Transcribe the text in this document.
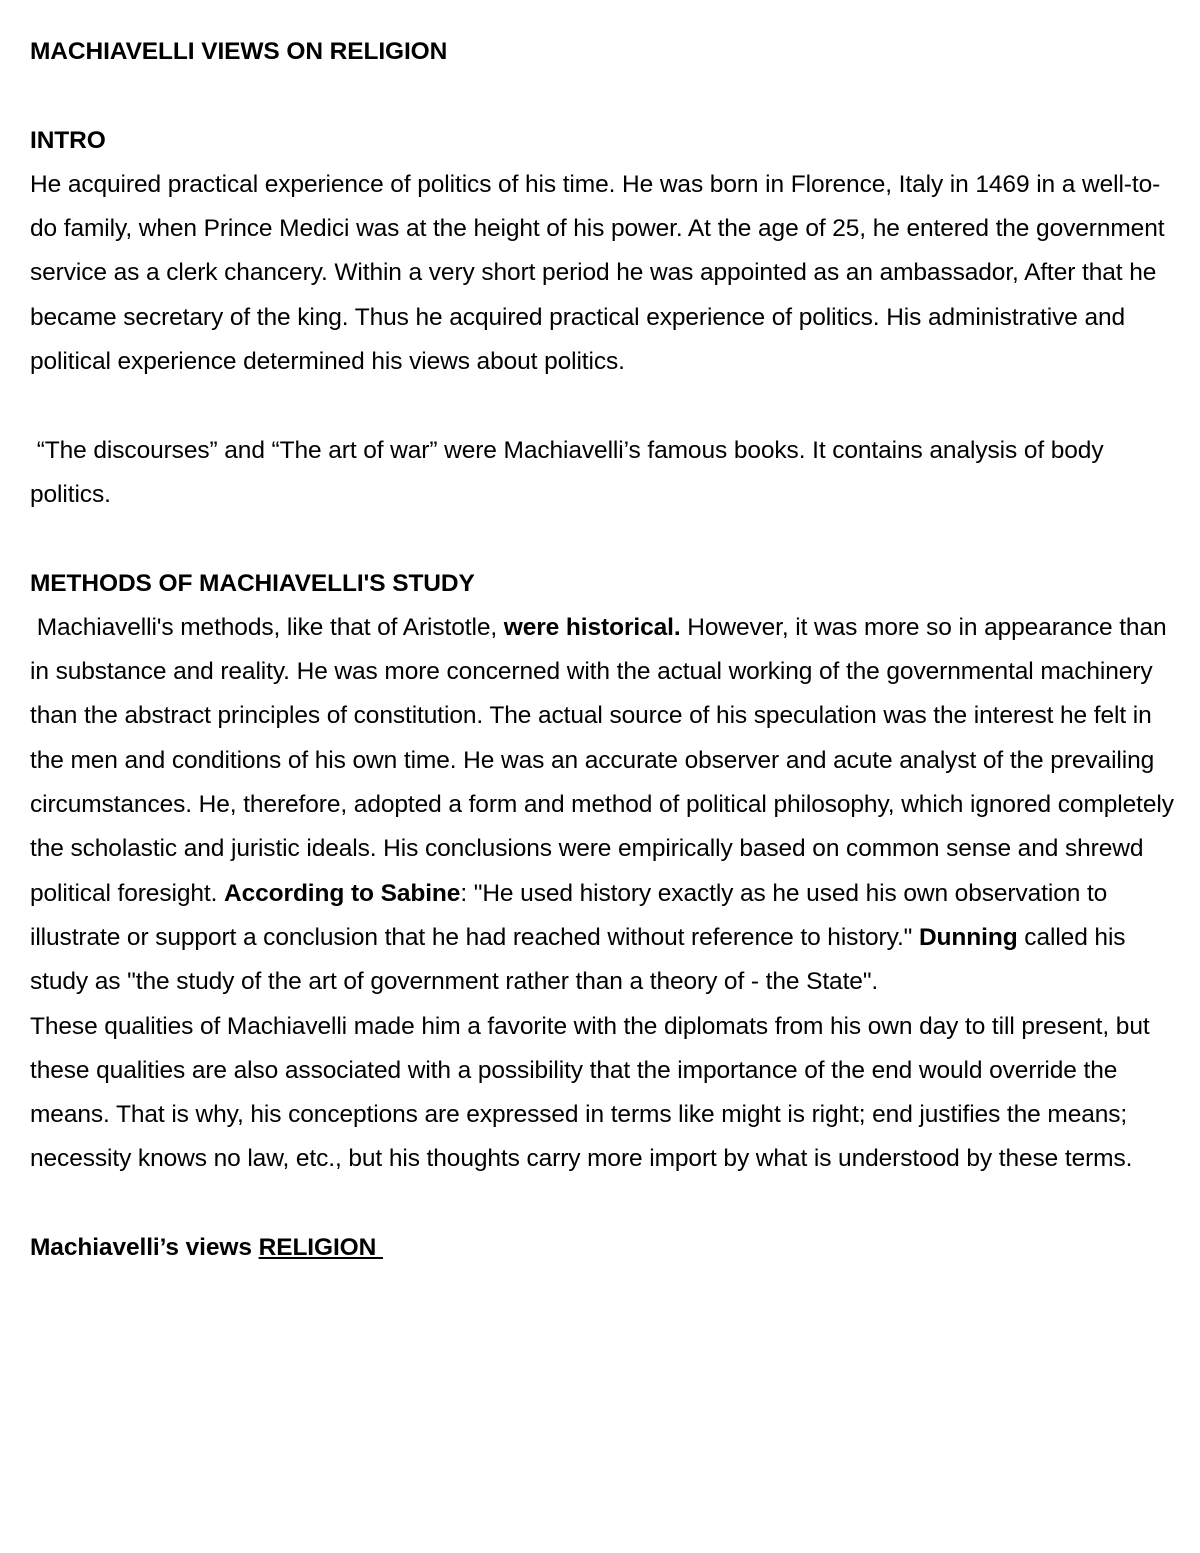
MACHIAVELLI VIEWS ON RELIGION
INTRO

He acquired practical experience of politics of his time. He was born in Florence, Italy in 1469 in a well-to-do family, when Prince Medici was at the height of his power. At the age of 25, he entered the government service as a clerk chancery. Within a very short period he was appointed as an ambassador, After that he became secretary of the king. Thus he acquired practical experience of politics. His administrative and political experience determined his views about politics.

“The discourses” and “The art of war” were Machiavelli’s famous books. It contains analysis of body politics.

METHODS OF MACHIAVELLI'S STUDY

Machiavelli's methods, like that of Aristotle, were historical. However, it was more so in appearance than in substance and reality. He was more concerned with the actual working of the governmental machinery than the abstract principles of constitution. The actual source of his speculation was the interest he felt in the men and conditions of his own time. He was an accurate observer and acute analyst of the prevailing circumstances. He, therefore, adopted a form and method of political philosophy, which ignored completely the scholastic and juristic ideals. His conclusions were empirically based on common sense and shrewd political foresight. According to Sabine: "He used history exactly as he used his own observation to illustrate or support a conclusion that he had reached without reference to history." Dunning called his study as "the study of the art of government rather than a theory of - the State".

These qualities of Machiavelli made him a favorite with the diplomats from his own day to till present, but these qualities are also associated with a possibility that the importance of the end would override the means. That is why, his conceptions are expressed in terms like might is right; end justifies the means; necessity knows no law, etc., but his thoughts carry more import by what is understood by these terms.

Machiavelli’s views RELIGION
